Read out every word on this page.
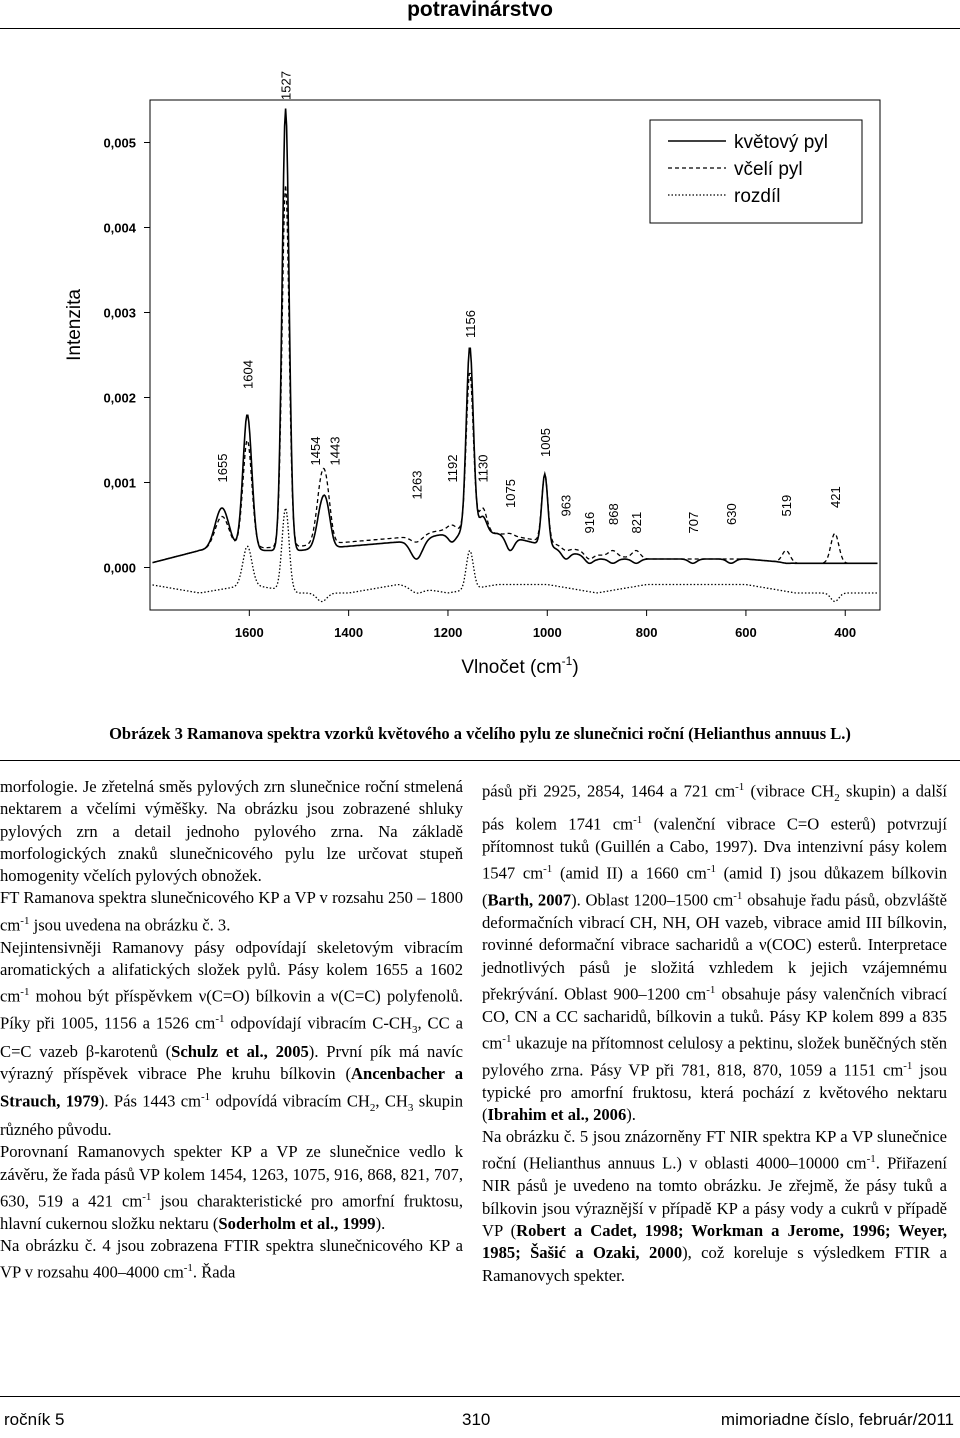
potravinárstvo
0,005
0,004
0,003
0,002
0,001
0,000
1600	1400	1200	1000	800	600	400
Intenzita
Vlnočet $(cm^{-1})$
1655
1604
1527
1454 1443
1263
1192
1156
1130
1075
1005
963
916 868 821	707 630	519	421
květový pyl
včelí pyl
rozdíl
Obrázek 3 Ramanova spektra vzorků květového a včelího pylu ze slunečnici roční (Helianthus annuus L.)

morfologie. Je zřetelná směs pylových zrn slunečnice roční stmelená nektarem a včelími výměšky. Na obrázku jsou zobrazené shluky pylových zrn a detail jednoho pylového zrna. Na základě morfologických znaků slunečnicového pylu lze určovat stupeň homogenity včelích pylových obnožek.

FT Ramanova spektra slunečnicového KP a VP v rozsahu 250 – 1800 $cm^{-1}$ jsou uvedena na obrázku č. 3.

Nejintensivněji Ramanovy pásy odpovídají skeletovým vibracím aromatických a alifatických složek pylů. Pásy kolem 1655 a 1602 $cm^{-1}$ mohou být příspěvkem ν(C=O) bílkovin a ν(C=C) polyfenolů. Píky při 1005, 1156 a 1526 $cm^{-1}$ odpovídají vibracím $C-CH_3$, CC a C=C vazeb β-karotenů (Schulz et al., 2005). První pík má navíc výrazný příspěvek vibrace Phe kruhu bílkovin (Ancenbacher a Strauch, 1979). Pás 1443 $cm^{-1}$ odpovídá vibracím $CH_2$, $CH_3$ skupin různého původu.

Porovnaní Ramanovych spekter KP a VP ze slunečnice vedlo k závěru, že řada pásů VP kolem 1454, 1263, 1075, 916, 868, 821, 707, 630, 519 a 421 $cm^{-1}$ jsou charakteristické pro amorfní fruktosu, hlavní cukernou složku nektaru (Soderholm et al., 1999).

Na obrázku č. 4 jsou zobrazena FTIR spektra slunečnicového KP a VP v rozsahu 400–4000 $cm^{-1}$. Řada

pásů při 2925, 2854, 1464 a 721 $cm^{-1}$ (vibrace $CH_2$ skupin) a další pás kolem 1741 $cm^{-1}$ (valenční vibrace C=O esterů) potvrzují přítomnost tuků (Guillén a Cabo, 1997). Dva intenzivní pásy kolem 1547 $cm^{-1}$ (amid II) a 1660 $cm^{-1}$ (amid I) jsou důkazem bílkovin (Barth, 2007). Oblast 1200–1500 $cm^{-1}$ obsahuje řadu pásů, obzvláště deformačních vibrací CH, NH, OH vazeb, vibrace amid III bílkovin, rovinné deformační vibrace sacharidů a ν(COC) esterů. Interpretace jednotlivých pásů je složitá vzhledem k jejich vzájemnému překrývání. Oblast 900–1200 $cm^{-1}$ obsahuje pásy valenčních vibrací CO, CN a CC sacharidů, bílkovin a tuků. Pásy KP kolem 899 a 835 $cm^{-1}$ ukazuje na přítomnost celulosy a pektinu, složek buněčných stěn pylového zrna. Pásy VP při 781, 818, 870, 1059 a 1151 $cm^{-1}$ jsou typické pro amorfní fruktosu, která pochází z květového nektaru (Ibrahim et al., 2006).

Na obrázku č. 5 jsou znázorněny FT NIR spektra KP a VP slunečnice roční (Helianthus annuus L.) v oblasti 4000–10000 $cm^{-1}$. Přiřazení NIR pásů je uvedeno na tomto obrázku. Je zřejmě, že pásy tuků a bílkovin jsou výraznější v případě KP a pásy vody a cukrů v případě VP (Robert a Cadet, 1998; Workman a Jerome, 1996; Weyer, 1985; Šašić a Ozaki, 2000), což koreluje s výsledkem FTIR a Ramanovych spekter.

ročník 5	310	mimoriadne číslo, február/2011
